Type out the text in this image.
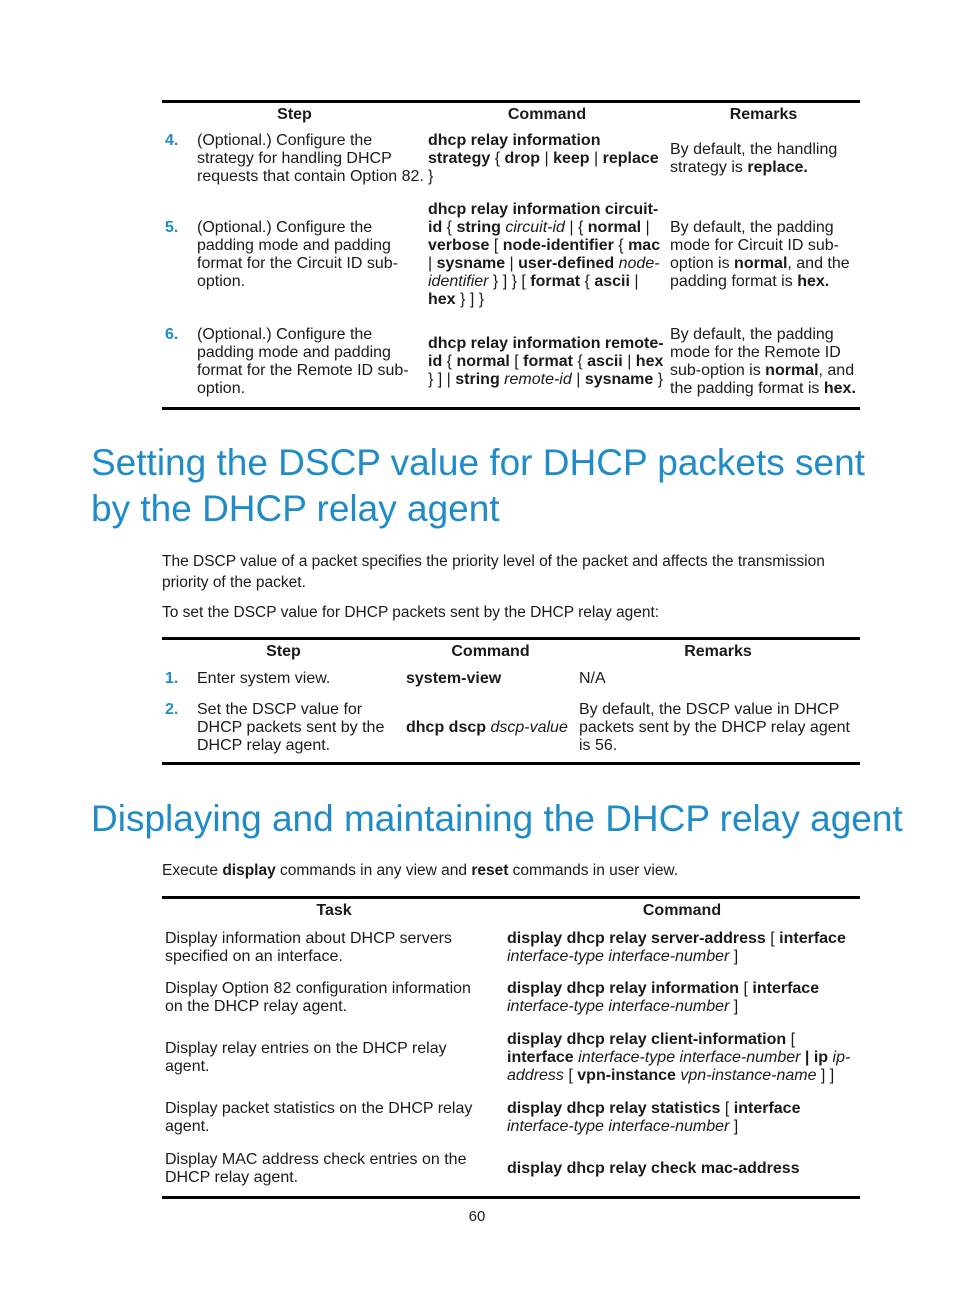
Step	Command	Remarks

4. (Optional.) Configure the strategy for handling DHCP requests that contain Option 82.	dhcp relay information strategy { drop | keep | replace }	By default, the handling strategy is replace.

5. (Optional.) Configure the padding mode and padding format for the Circuit ID sub-option.	dhcp relay information circuit-id { string circuit-id | { normal | verbose [ node-identifier { mac | sysname | user-defined node-identifier } ] } [ format { ascii | hex } ] }	By default, the padding mode for Circuit ID sub-option is normal, and the padding format is hex.

6. (Optional.) Configure the padding mode and padding format for the Remote ID sub-option.	dhcp relay information remote-id { normal [ format { ascii | hex } ] | string remote-id | sysname }	By default, the padding mode for the Remote ID sub-option is normal, and the padding format is hex.
Setting the DSCP value for DHCP packets sent by the DHCP relay agent

The DSCP value of a packet specifies the priority level of the packet and affects the transmission priority of the packet.

To set the DSCP value for DHCP packets sent by the DHCP relay agent:

Step	Command	Remarks

1. Enter system view.	system-view	N/A

2. Set the DSCP value for DHCP packets sent by the DHCP relay agent.	dhcp dscp dscp-value	By default, the DSCP value in DHCP packets sent by the DHCP relay agent is 56.
Displaying and maintaining the DHCP relay agent

Execute display commands in any view and reset commands in user view.

Task	Command
Display information about DHCP servers specified on an interface.	display dhcp relay server-address [ interface interface-type interface-number ]
Display Option 82 configuration information on the DHCP relay agent.	display dhcp relay information [ interface interface-type interface-number ]
Display relay entries on the DHCP relay agent.	display dhcp relay client-information [ interface interface-type interface-number | ip ip-address [ vpn-instance vpn-instance-name ] ]
Display packet statistics on the DHCP relay agent.	display dhcp relay statistics [ interface interface-type interface-number ]
Display MAC address check entries on the DHCP relay agent.	display dhcp relay check mac-address
60
